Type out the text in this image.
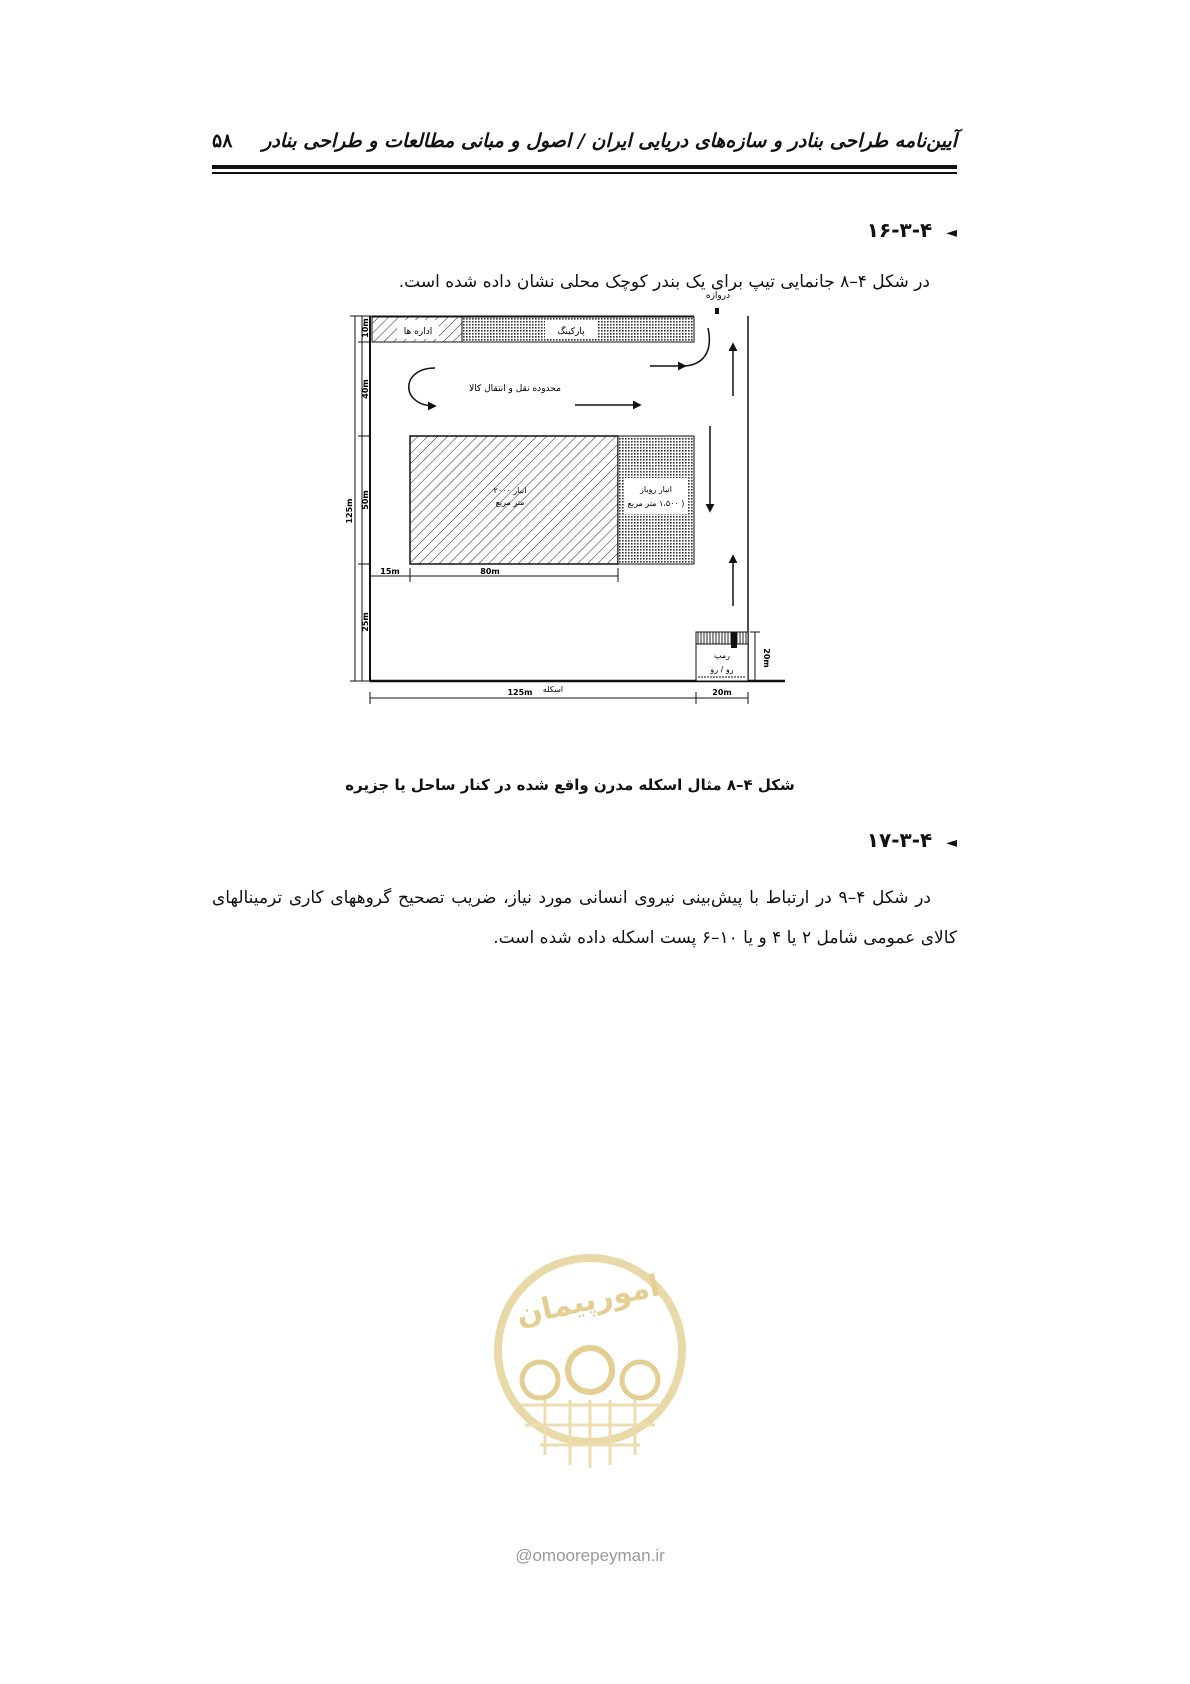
آیین‌نامه طراحی بنادر و سازه‌های دریایی ایران / اصول و مبانی مطالعات و طراحی بنادر
۵۸
◄۱۶-۳-۴
در شکل ۴–۸ جانمایی تیپ برای یک بندر کوچک محلی نشان داده شده است.
اداره ها	پارکینگ
دروازه
محدوده نقل و انتقال کالا
انبار ۲۰۰۰
متر مربع
انبار روباز
( ۱،۵۰۰ متر مربع
رمپ
رو / رو
125m
10m
40m
50m
25m
15m	80m
20m
125m اسکله	20m
شکل ۴–۸ مثال اسکله مدرن واقع شده در کنار ساحل یا جزیره
◄۱۷-۳-۴
در شکل ۴–۹ در ارتباط با پیش‌بینی نیروی انسانی مورد نیاز، ضریب تصحیح گروههای کاری ترمینالهای کالای عمومی شامل ۲ یا ۴ و یا ۱۰–۶ پست اسکله داده شده است.
امورپیمان
@omoorepeyman.ir
